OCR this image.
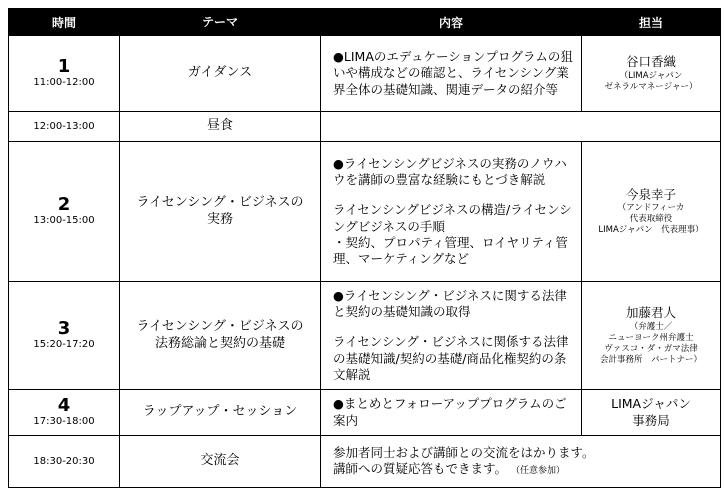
時間	テーマ	内容	担当

1
11:00-12:00	ガイダンス	●LIMAのエデュケーションプログラムの狙いや構成などの確認と、ライセンシング業界全体の基礎知識、関連データの紹介等	谷口香織
（LIMAジャパン
ゼネラルマネージャー）

12:00-13:00	昼食		

2
13:00-15:00	ライセンシング・ビジネスの
実務	●ライセンシングビジネスの実務のノウハウを講師の豊富な経験にもとづき解説
ライセンシングビジネスの構造/ライセンシングビジネスの手順
・契約、プロパティ管理、ロイヤリティ管理、マーケティングなど	今泉幸子
（アンドフィーカ
代表取締役
LIMAジャパン　代表理事）

3
15:20-17:20	ライセンシング・ビジネスの
法務総論と契約の基礎	●ライセンシング・ビジネスに関する法律と契約の基礎知識の取得
ライセンシング・ビジネスに関係する法律の基礎知識/契約の基礎/商品化権契約の条文解説	加藤君人
（弁護士／
ニューヨーク州弁護士
ヴァスコ・ダ・ガマ法律
会計事務所　パートナー）

4
17:30-18:00	ラップアップ・セッション	●まとめとフォローアッププログラムのご案内	LIMAジャパン
事務局

18:30-20:30	交流会	参加者同士および講師との交流をはかります。
講師への質疑応答もできます。 （任意参加）	
